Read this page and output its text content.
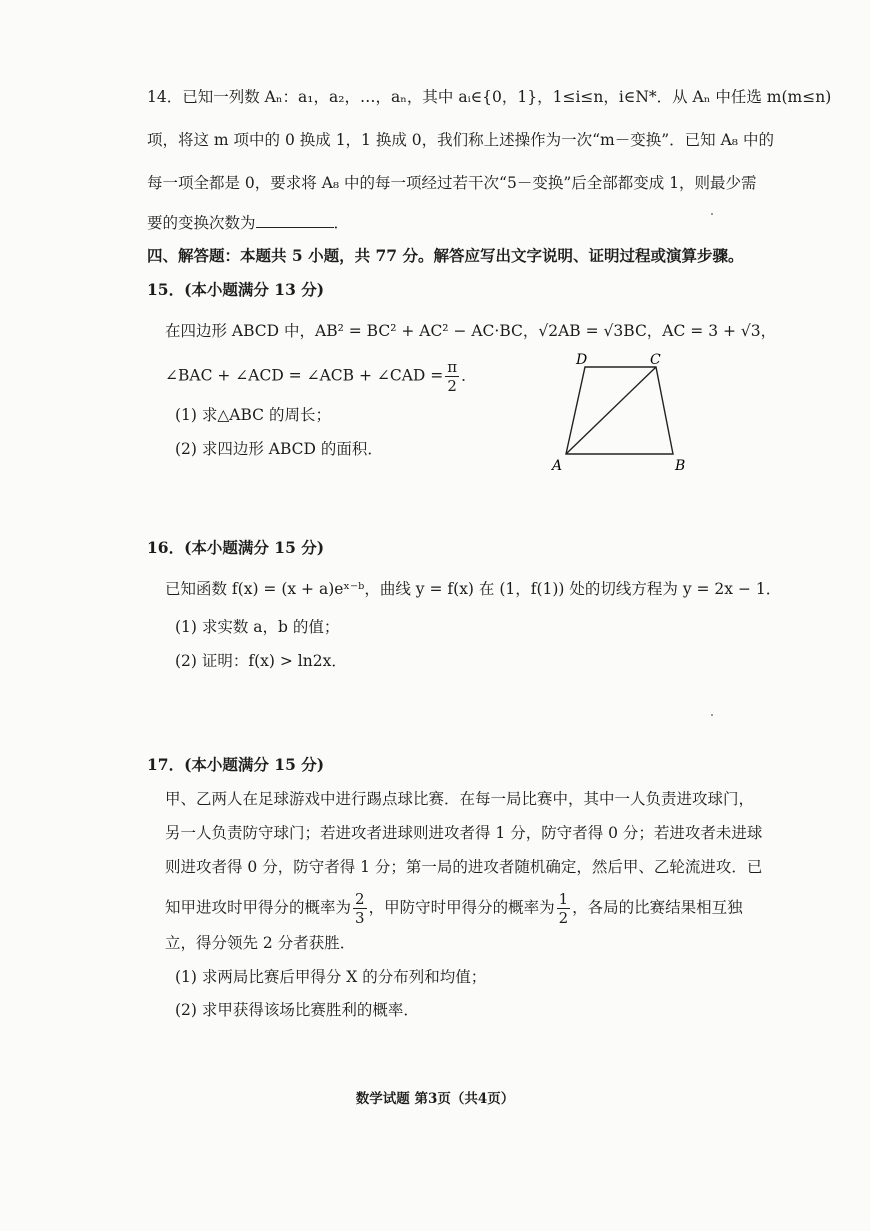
14．已知一列数 Aₙ：a₁，a₂，…，aₙ，其中 aᵢ∈{0，1}，1≤i≤n，i∈N*．从 Aₙ 中任选 m(m≤n)
项，将这 m 项中的 0 换成 1，1 换成 0，我们称上述操作为一次“m－变换”．已知 A₈ 中的
每一项全都是 0，要求将 A₈ 中的每一项经过若干次“5－变换”后全部都变成 1，则最少需
要的变换次数为	．
四、解答题：本题共 5 小题，共 77 分。解答应写出文字说明、证明过程或演算步骤。
15．(本小题满分 13 分)
在四边形 ABCD 中，AB² = BC² + AC² − AC·BC，√2AB = √3BC，AC = 3 + √3，
∠BAC + ∠ACD = ∠ACB + ∠CAD = $\frac{\pi}{2}$ ．
(1) 求△ABC 的周长；
(2) 求四边形 ABCD 的面积．
A	B
C
D
16．(本小题满分 15 分)
已知函数 f(x) = (x + a)eˣ⁻ᵇ，曲线 y = f(x) 在 (1，f(1)) 处的切线方程为 y = 2x − 1．
(1) 求实数 a，b 的值；
(2) 证明：f(x) > ln2x．
17．(本小题满分 15 分)
甲、乙两人在足球游戏中进行踢点球比赛．在每一局比赛中，其中一人负责进攻球门，
另一人负责防守球门；若进攻者进球则进攻者得 1 分，防守者得 0 分；若进攻者未进球
则进攻者得 0 分，防守者得 1 分；第一局的进攻者随机确定，然后甲、乙轮流进攻．已
知甲进攻时甲得分的概率为 $\frac{2}{3}$ ，甲防守时甲得分的概率为 $\frac{1}{2}$ ，各局的比赛结果相互独
立，得分领先 2 分者获胜．
(1) 求两局比赛后甲得分 X 的分布列和均值；
(2) 求甲获得该场比赛胜利的概率．
数学试题 第3页（共4页）
